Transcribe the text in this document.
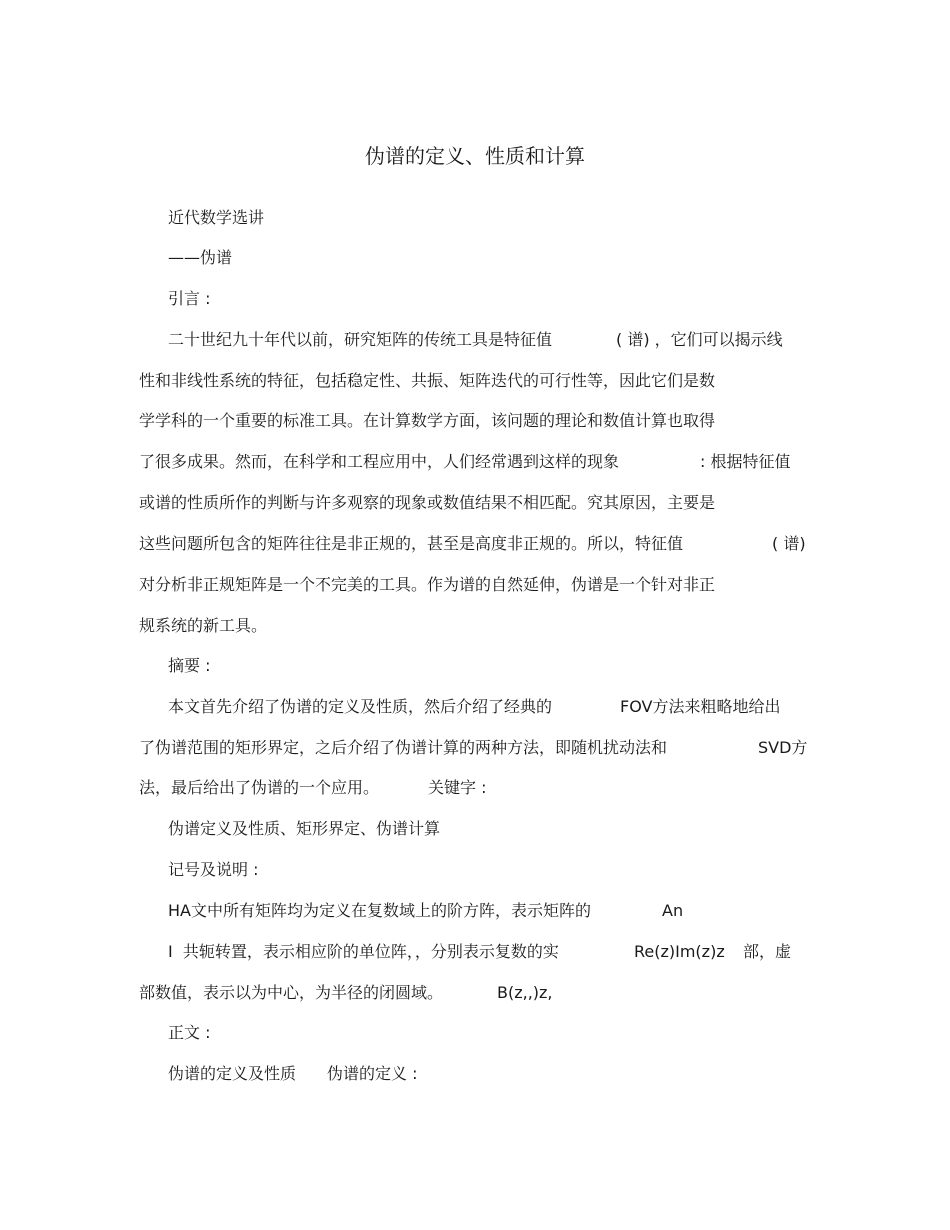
伪谱的定义、性质和计算
近代数学选讲
——伪谱
引言 :
二十世纪九十年代以前，研究矩阵的传统工具是特征值	( 谱) ，它们可以揭示线
性和非线性系统的特征，包括稳定性、共振、矩阵迭代的可行性等，因此它们是数
学学科的一个重要的标准工具。在计算数学方面，该问题的理论和数值计算也取得
了很多成果。然而，在科学和工程应用中，人们经常遇到这样的现象	: 根据特征值
或谱的性质所作的判断与许多观察的现象或数值结果不相匹配。究其原因，主要是
这些问题所包含的矩阵往往是非正规的，甚至是高度非正规的。所以，特征值	( 谱)
对分析非正规矩阵是一个不完美的工具。作为谱的自然延伸，伪谱是一个针对非正
规系统的新工具。
摘要 :
本文首先介绍了伪谱的定义及性质，然后介绍了经典的	FOV方法来粗略地给出
了伪谱范围的矩形界定，之后介绍了伪谱计算的两种方法，即随机扰动法和	SVD方
法，最后给出了伪谱的一个应用。	关键字 :
伪谱定义及性质、矩形界定、伪谱计算
记号及说明 :
HA文中所有矩阵均为定义在复数域上的阶方阵，表示矩阵的	An
I  共轭转置，表示相应阶的单位阵，，分别表示复数的实	Re(z)Im(z)z 部，虚
部数值，表示以为中心，为半径的闭圆域。	B(z,,)z,
正文 :
伪谱的定义及性质 伪谱的定义 :
